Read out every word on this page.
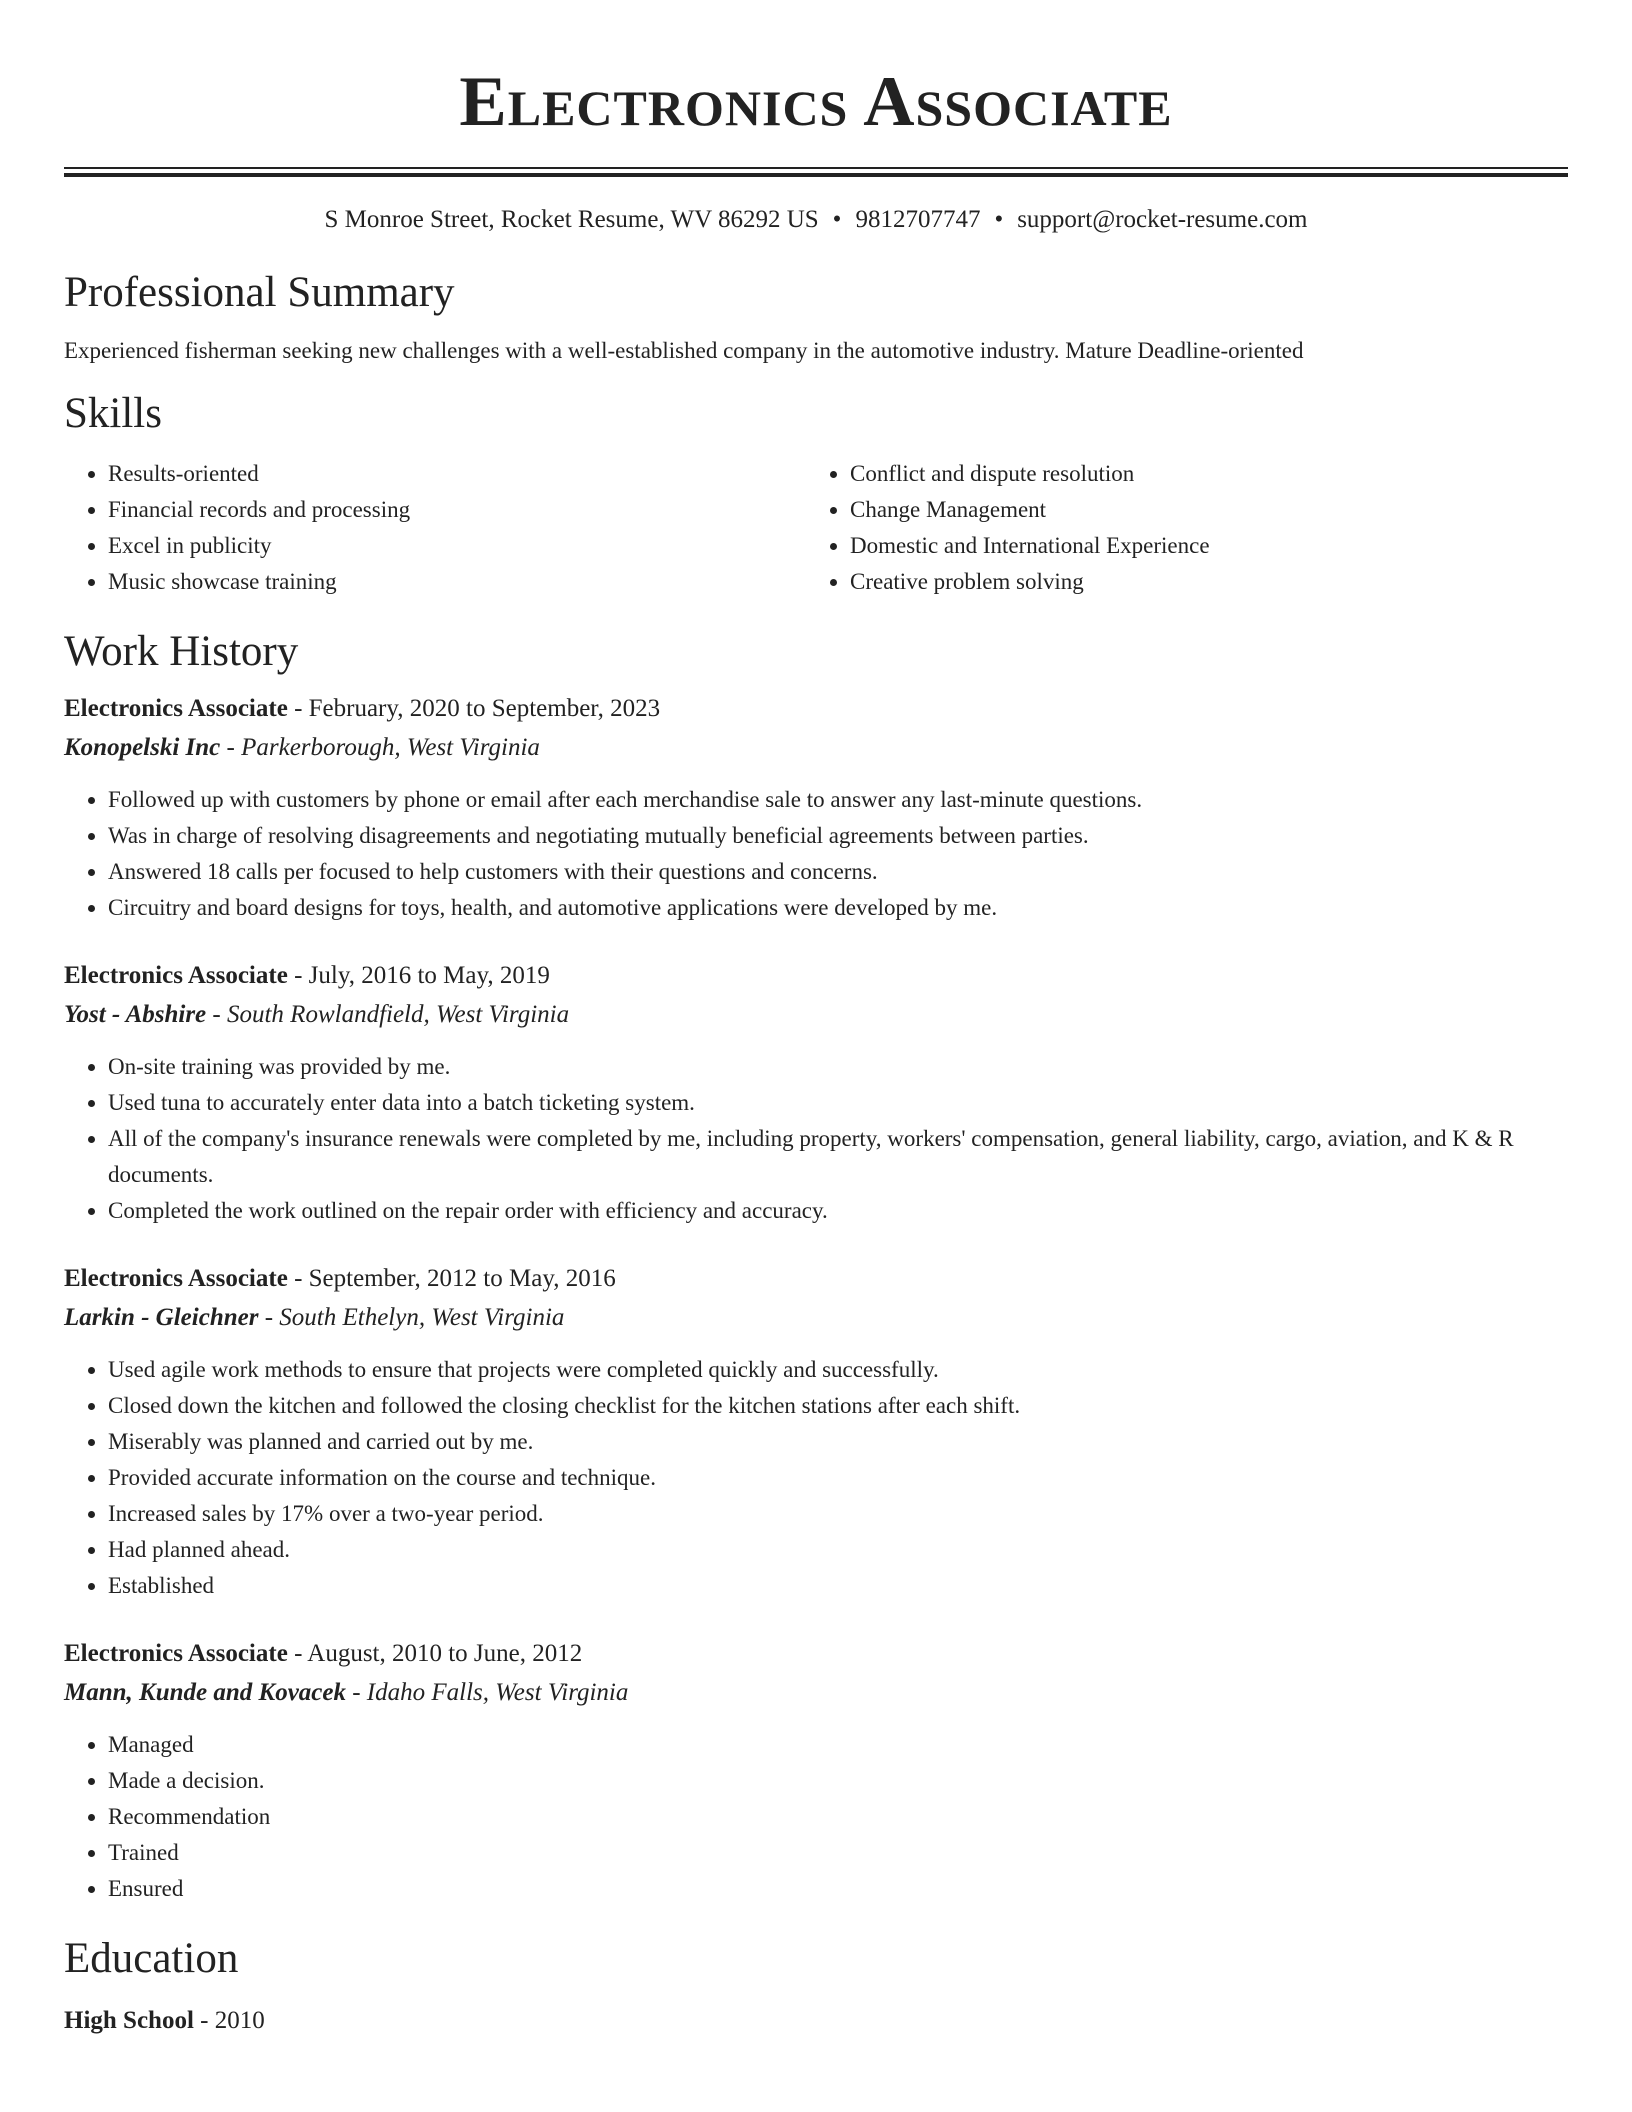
Electronics Associate
S Monroe Street, Rocket Resume, WV 86292 US • 9812707747 • support@rocket-resume.com
Professional Summary
Experienced fisherman seeking new challenges with a well-established company in the automotive industry. Mature Deadline-oriented
Skills
• Results-oriented
• Financial records and processing
• Excel in publicity
• Music showcase training
• Conflict and dispute resolution
• Change Management
• Domestic and International Experience
• Creative problem solving
Work History
Electronics Associate - February, 2020 to September, 2023
Konopelski Inc - Parkerborough, West Virginia
• Followed up with customers by phone or email after each merchandise sale to answer any last-minute questions.
• Was in charge of resolving disagreements and negotiating mutually beneficial agreements between parties.
• Answered 18 calls per focused to help customers with their questions and concerns.
• Circuitry and board designs for toys, health, and automotive applications were developed by me.
Electronics Associate - July, 2016 to May, 2019
Yost - Abshire - South Rowlandfield, West Virginia
• On-site training was provided by me.
• Used tuna to accurately enter data into a batch ticketing system.
• All of the company's insurance renewals were completed by me, including property, workers' compensation, general liability, cargo, aviation, and K & R documents.
• Completed the work outlined on the repair order with efficiency and accuracy.
Electronics Associate - September, 2012 to May, 2016
Larkin - Gleichner - South Ethelyn, West Virginia
• Used agile work methods to ensure that projects were completed quickly and successfully.
• Closed down the kitchen and followed the closing checklist for the kitchen stations after each shift.
• Miserably was planned and carried out by me.
• Provided accurate information on the course and technique.
• Increased sales by 17% over a two-year period.
• Had planned ahead.
• Established
Electronics Associate - August, 2010 to June, 2012
Mann, Kunde and Kovacek - Idaho Falls, West Virginia
• Managed
• Made a decision.
• Recommendation
• Trained
• Ensured
Education
High School - 2010
